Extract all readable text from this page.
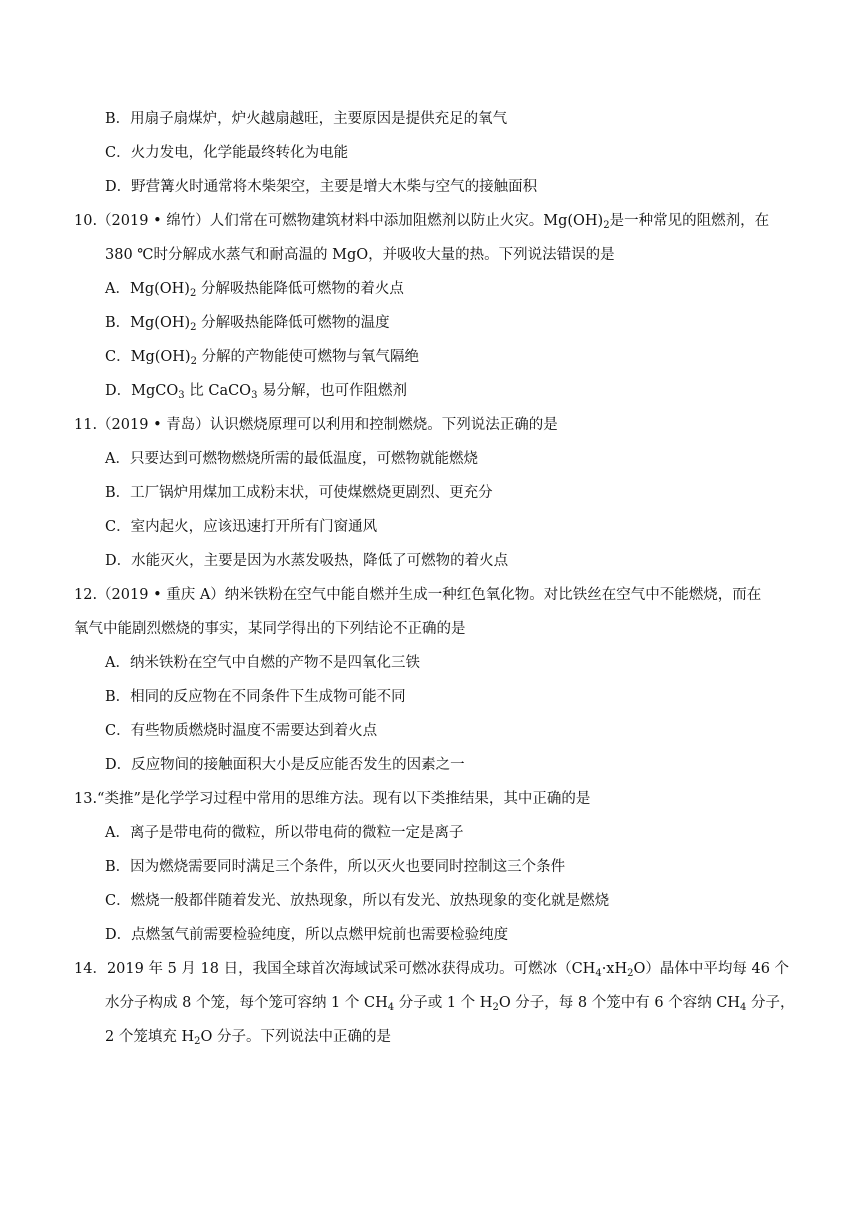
B．用扇子扇煤炉，炉火越扇越旺，主要原因是提供充足的氧气
C．火力发电，化学能最终转化为电能
D．野营篝火时通常将木柴架空，主要是增大木柴与空气的接触面积
10.（2019 • 绵竹）人们常在可燃物建筑材料中添加阻燃剂以防止火灾。$Mg(OH)_2$是一种常见的阻燃剂，在
380 ℃时分解成水蒸气和耐高温的 MgO，并吸收大量的热。下列说法错误的是
A．$Mg(OH)_2$ 分解吸热能降低可燃物的着火点
B．$Mg(OH)_2$ 分解吸热能降低可燃物的温度
C．$Mg(OH)_2$ 分解的产物能使可燃物与氧气隔绝
D．MgCO$_3$ 比 CaCO$_3$ 易分解，也可作阻燃剂
11.（2019 • 青岛）认识燃烧原理可以利用和控制燃烧。下列说法正确的是
A．只要达到可燃物燃烧所需的最低温度，可燃物就能燃烧
B．工厂锅炉用煤加工成粉末状，可使煤燃烧更剧烈、更充分
C．室内起火，应该迅速打开所有门窗通风
D．水能灭火，主要是因为水蒸发吸热，降低了可燃物的着火点
12.（2019 • 重庆 A）纳米铁粉在空气中能自燃并生成一种红色氧化物。对比铁丝在空气中不能燃烧，而在
氧气中能剧烈燃烧的事实，某同学得出的下列结论不正确的是
A．纳米铁粉在空气中自燃的产物不是四氧化三铁
B．相同的反应物在不同条件下生成物可能不同
C．有些物质燃烧时温度不需要达到着火点
D．反应物间的接触面积大小是反应能否发生的因素之一
13.“类推”是化学学习过程中常用的思维方法。现有以下类推结果，其中正确的是
A．离子是带电荷的微粒，所以带电荷的微粒一定是离子
B．因为燃烧需要同时满足三个条件，所以灭火也要同时控制这三个条件
C．燃烧一般都伴随着发光、放热现象，所以有发光、放热现象的变化就是燃烧
D．点燃氢气前需要检验纯度，所以点燃甲烷前也需要检验纯度
14．2019 年 5 月 18 日，我国全球首次海域试采可燃冰获得成功。可燃冰$(CH_4\cdot xH_2O)$晶体中平均每 46 个
水分子构成 8 个笼，每个笼可容纳 1 个 $CH_4$ 分子或 1 个 $H_2O$ 分子，每 8 个笼中有 6 个容纳 $CH_4$ 分子，
2 个笼填充 $H_2O$ 分子。下列说法中正确的是
